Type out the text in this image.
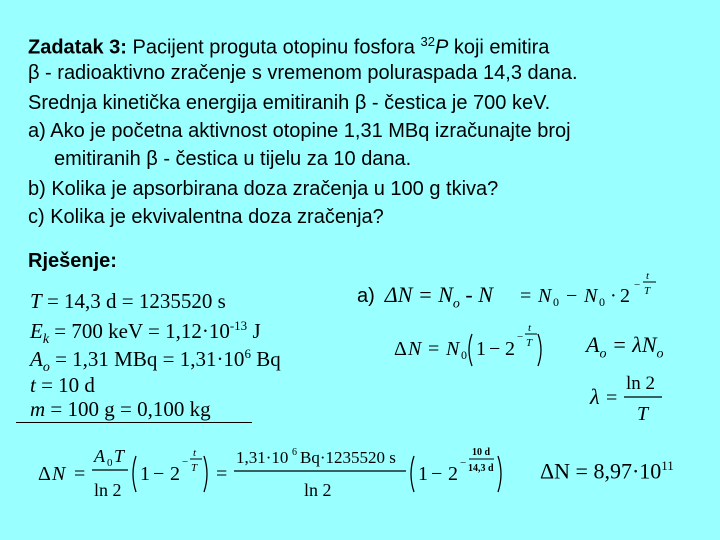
Zadatak 3: Pacijent proguta otopinu fosfora $^{32}$P koji emitira
β - radioaktivno zračenje s vremenom poluraspada 14,3 dana.
Srednja kinetička energija emitiranih β - čestica je 700 keV.
a) Ako je početna aktivnost otopine 1,31 MBq izračunajte broj
emitiranih β - čestica u tijelu za 10 dana.
b) Kolika je apsorbirana doza zračenja u 100 g tkiva?
c) Kolika je ekvivalentna doza zračenja?
Rješenje:
T = 14,3 d = 1235520 s
$E_k = 700$ keV = $1,12\cdot 10^{-13}$ J
$A_o = 1,31$ MBq = $1,31\cdot 10^6$ Bq
t = 10 d
m = 100 g = 0,100 kg
a) $\Delta N = N_o - N = N$ 0 − N 0 · 2 −
t
T
Δ N = N 0 1 − 2
−
t
T $A_o = \lambda N_o$
λ =
ln 2
T
Δ N =
A 0 T
ln 2
1 − 2
−
t
T =
1,31·10 6 Bq·1235520 s
ln 2
1 − 2 −
10 d
14,3 d $\Delta N = 8,97\cdot 10^{11}$
